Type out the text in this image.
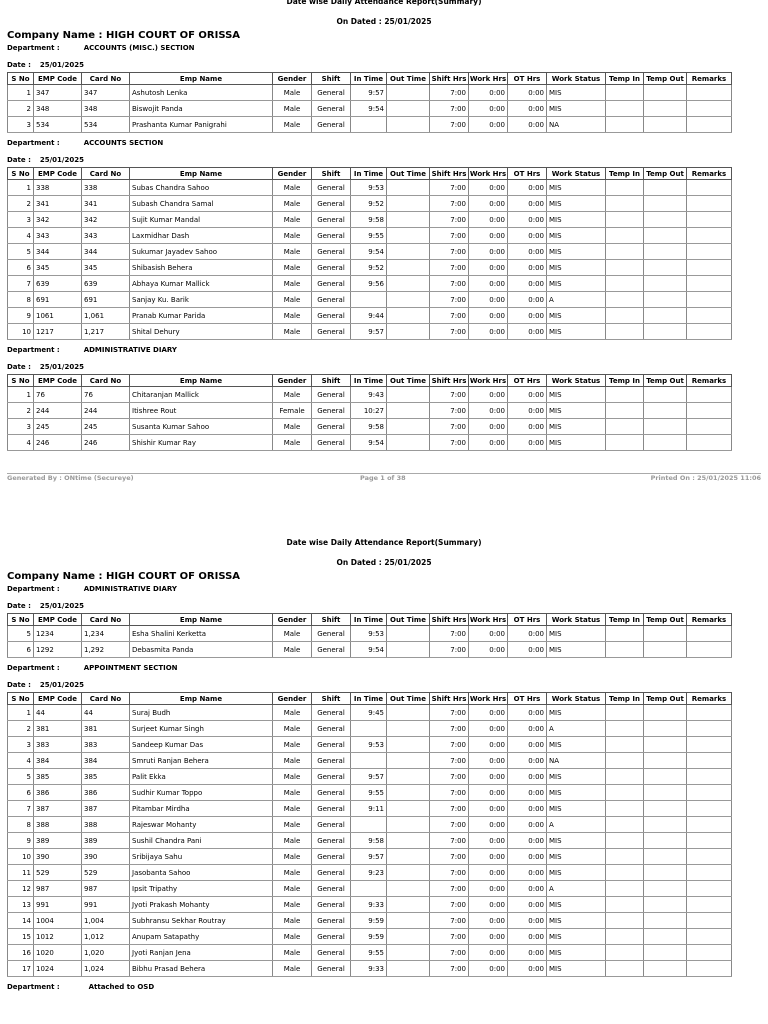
Date wise Daily Attendance Report(Summary)
On Dated : 25/01/2025
Company Name : HIGH COURT OF ORISSA
Department :	ACCOUNTS (MISC.) SECTION
Date : 25/01/2025
S No	EMP Code	Card No	Emp Name	Gender	Shift	In Time	Out Time	Shift Hrs	Work Hrs	OT Hrs	Work Status	Temp In	Temp Out	Remarks
1	347	347	Ashutosh Lenka	Male	General	9:57		7:00	0:00	0:00	MIS			
2	348	348	Biswojit Panda	Male	General	9:54		7:00	0:00	0:00	MIS			
3	534	534	Prashanta Kumar Panigrahi	Male	General			7:00	0:00	0:00	NA			
Department :	ACCOUNTS SECTION
Date : 25/01/2025
S No	EMP Code	Card No	Emp Name	Gender	Shift	In Time	Out Time	Shift Hrs	Work Hrs	OT Hrs	Work Status	Temp In	Temp Out	Remarks
1	338	338	Subas Chandra Sahoo	Male	General	9:53		7:00	0:00	0:00	MIS			
2	341	341	Subash Chandra Samal	Male	General	9:52		7:00	0:00	0:00	MIS			
3	342	342	Sujit Kumar Mandal	Male	General	9:58		7:00	0:00	0:00	MIS			
4	343	343	Laxmidhar Dash	Male	General	9:55		7:00	0:00	0:00	MIS			
5	344	344	Sukumar Jayadev Sahoo	Male	General	9:54		7:00	0:00	0:00	MIS			
6	345	345	Shibasish Behera	Male	General	9:52		7:00	0:00	0:00	MIS			
7	639	639	Abhaya Kumar Mallick	Male	General	9:56		7:00	0:00	0:00	MIS			
8	691	691	Sanjay Ku. Barik	Male	General			7:00	0:00	0:00	A			
9	1061	1,061	Pranab Kumar Parida	Male	General	9:44		7:00	0:00	0:00	MIS			
10	1217	1,217	Shital Dehury	Male	General	9:57		7:00	0:00	0:00	MIS			
Department :	ADMINISTRATIVE DIARY
Date : 25/01/2025
S No	EMP Code	Card No	Emp Name	Gender	Shift	In Time	Out Time	Shift Hrs	Work Hrs	OT Hrs	Work Status	Temp In	Temp Out	Remarks
1	76	76	Chitaranjan Mallick	Male	General	9:43		7:00	0:00	0:00	MIS			
2	244	244	Itishree Rout	Female	General	10:27		7:00	0:00	0:00	MIS			
3	245	245	Susanta Kumar Sahoo	Male	General	9:58		7:00	0:00	0:00	MIS			
4	246	246	Shishir Kumar Ray	Male	General	9:54		7:00	0:00	0:00	MIS			
Generated By : ONtime (Secureye)	Page 1 of 38	Printed On : 25/01/2025 11:06
Date wise Daily Attendance Report(Summary)
On Dated : 25/01/2025
Company Name : HIGH COURT OF ORISSA
Department :	ADMINISTRATIVE DIARY
Date : 25/01/2025
S No	EMP Code	Card No	Emp Name	Gender	Shift	In Time	Out Time	Shift Hrs	Work Hrs	OT Hrs	Work Status	Temp In	Temp Out	Remarks
5	1234	1,234	Esha Shalini Kerketta	Male	General	9:53		7:00	0:00	0:00	MIS			
6	1292	1,292	Debasmita Panda	Male	General	9:54		7:00	0:00	0:00	MIS			
Department :	APPOINTMENT SECTION
Date : 25/01/2025
S No	EMP Code	Card No	Emp Name	Gender	Shift	In Time	Out Time	Shift Hrs	Work Hrs	OT Hrs	Work Status	Temp In	Temp Out	Remarks
1	44	44	Suraj Budh	Male	General	9:45		7:00	0:00	0:00	MIS			
2	381	381	Surjeet Kumar Singh	Male	General			7:00	0:00	0:00	A			
3	383	383	Sandeep Kumar Das	Male	General	9:53		7:00	0:00	0:00	MIS			
4	384	384	Smruti Ranjan Behera	Male	General			7:00	0:00	0:00	NA			
5	385	385	Palit Ekka	Male	General	9:57		7:00	0:00	0:00	MIS			
6	386	386	Sudhir Kumar Toppo	Male	General	9:55		7:00	0:00	0:00	MIS			
7	387	387	Pitambar Mirdha	Male	General	9:11		7:00	0:00	0:00	MIS			
8	388	388	Rajeswar Mohanty	Male	General			7:00	0:00	0:00	A			
9	389	389	Sushil Chandra Pani	Male	General	9:58		7:00	0:00	0:00	MIS			
10	390	390	Sribijaya Sahu	Male	General	9:57		7:00	0:00	0:00	MIS			
11	529	529	Jasobanta Sahoo	Male	General	9:23		7:00	0:00	0:00	MIS			
12	987	987	Ipsit Tripathy	Male	General			7:00	0:00	0:00	A			
13	991	991	Jyoti Prakash Mohanty	Male	General	9:33		7:00	0:00	0:00	MIS			
14	1004	1,004	Subhransu Sekhar Routray	Male	General	9:59		7:00	0:00	0:00	MIS			
15	1012	1,012	Anupam Satapathy	Male	General	9:59		7:00	0:00	0:00	MIS			
16	1020	1,020	Jyoti Ranjan Jena	Male	General	9:55		7:00	0:00	0:00	MIS			
17	1024	1,024	Bibhu Prasad Behera	Male	General	9:33		7:00	0:00	0:00	MIS			
Department :	Attached to OSD
